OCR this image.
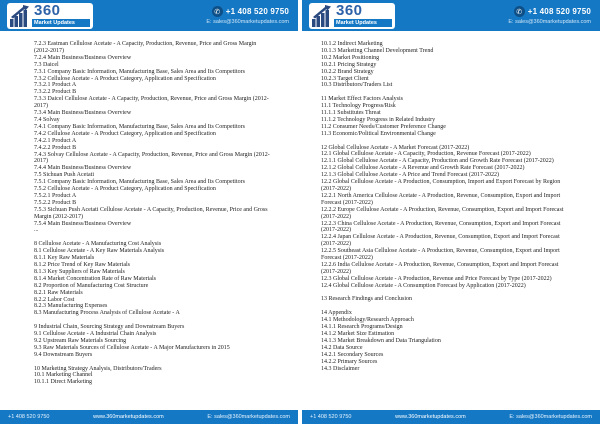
360
Market Updates
✆ +1 408 520 9750
E: sales@360marketupdates.com
7.2.3 Eastman Cellulose Acetate - A Capacity, Production, Revenue, Price and Gross Margin (2012-2017)
7.2.4 Main Business/Business Overview
7.3 Daicel
7.3.1 Company Basic Information, Manufacturing Base, Sales Area and Its Competitors
7.3.2 Cellulose Acetate - A Product Category, Application and Specification
7.3.2.1 Product A
7.3.2.2 Product B
7.3.3 Daicel Cellulose Acetate - A Capacity, Production, Revenue, Price and Gross Margin (2012-2017)
7.3.4 Main Business/Business Overview
7.4 Solvay
7.4.1 Company Basic Information, Manufacturing Base, Sales Area and Its Competitors
7.4.2 Cellulose Acetate - A Product Category, Application and Specification
7.4.2.1 Product A
7.4.2.2 Product B
7.4.3 Solvay Cellulose Acetate - A Capacity, Production, Revenue, Price and Gross Margin (2012-2017)
7.4.4 Main Business/Business Overview
7.5 Sichuan Push Acetati
7.5.1 Company Basic Information, Manufacturing Base, Sales Area and Its Competitors
7.5.2 Cellulose Acetate - A Product Category, Application and Specification
7.5.2.1 Product A
7.5.2.2 Product B
7.5.3 Sichuan Push Acetati Cellulose Acetate - A Capacity, Production, Revenue, Price and Gross Margin (2012-2017)
7.5.4 Main Business/Business Overview
...
8 Cellulose Acetate - A Manufacturing Cost Analysis
8.1 Cellulose Acetate - A Key Raw Materials Analysis
8.1.1 Key Raw Materials
8.1.2 Price Trend of Key Raw Materials
8.1.3 Key Suppliers of Raw Materials
8.1.4 Market Concentration Rate of Raw Materials
8.2 Proportion of Manufacturing Cost Structure
8.2.1 Raw Materials
8.2.2 Labor Cost
8.2.3 Manufacturing Expenses
8.3 Manufacturing Process Analysis of Cellulose Acetate - A
9 Industrial Chain, Sourcing Strategy and Downstream Buyers
9.1 Cellulose Acetate - A Industrial Chain Analysis
9.2 Upstream Raw Materials Sourcing
9.3 Raw Materials Sources of Cellulose Acetate - A Major Manufacturers in 2015
9.4 Downstream Buyers
10 Marketing Strategy Analysis, Distributors/Traders
10.1 Marketing Channel
10.1.1 Direct Marketing
+1 408 520 9750	www.360marketupdates.com	E: sales@360marketupdates.com
360
Market Updates
✆ +1 408 520 9750
E: sales@360marketupdates.com
10.1.2 Indirect Marketing
10.1.3 Marketing Channel Development Trend
10.2 Market Positioning
10.2.1 Pricing Strategy
10.2.2 Brand Strategy
10.2.3 Target Client
10.3 Distributors/Traders List
11 Market Effect Factors Analysis
11.1 Technology Progress/Risk
11.1.1 Substitutes Threat
11.1.2 Technology Progress in Related Industry
11.2 Consumer Needs/Customer Preference Change
11.3 Economic/Political Environmental Change
12 Global Cellulose Acetate - A Market Forecast (2017-2022)
12.1 Global Cellulose Acetate - A Capacity, Production, Revenue Forecast (2017-2022)
12.1.1 Global Cellulose Acetate - A Capacity, Production and Growth Rate Forecast (2017-2022)
12.1.2 Global Cellulose Acetate - A Revenue and Growth Rate Forecast (2017-2022)
12.1.3 Global Cellulose Acetate - A Price and Trend Forecast (2017-2022)
12.2 Global Cellulose Acetate - A Production, Consumption, Import and Export Forecast by Region (2017-2022)
12.2.1 North America Cellulose Acetate - A Production, Revenue, Consumption, Export and Import Forecast (2017-2022)
12.2.2 Europe Cellulose Acetate - A Production, Revenue, Consumption, Export and Import Forecast (2017-2022)
12.2.3 China Cellulose Acetate - A Production, Revenue, Consumption, Export and Import Forecast (2017-2022)
12.2.4 Japan Cellulose Acetate - A Production, Revenue, Consumption, Export and Import Forecast (2017-2022)
12.2.5 Southeast Asia Cellulose Acetate - A Production, Revenue, Consumption, Export and Import Forecast (2017-2022)
12.2.6 India Cellulose Acetate - A Production, Revenue, Consumption, Export and Import Forecast (2017-2022)
12.3 Global Cellulose Acetate - A Production, Revenue and Price Forecast by Type (2017-2022)
12.4 Global Cellulose Acetate - A Consumption Forecast by Application (2017-2022)
13 Research Findings and Conclusion
14 Appendix
14.1 Methodology/Research Approach
14.1.1 Research Programs/Design
14.1.2 Market Size Estimation
14.1.3 Market Breakdown and Data Triangulation
14.2 Data Source
14.2.1 Secondary Sources
14.2.2 Primary Sources
14.3 Disclaimer
+1 408 520 9750	www.360marketupdates.com	E: sales@360marketupdates.com
